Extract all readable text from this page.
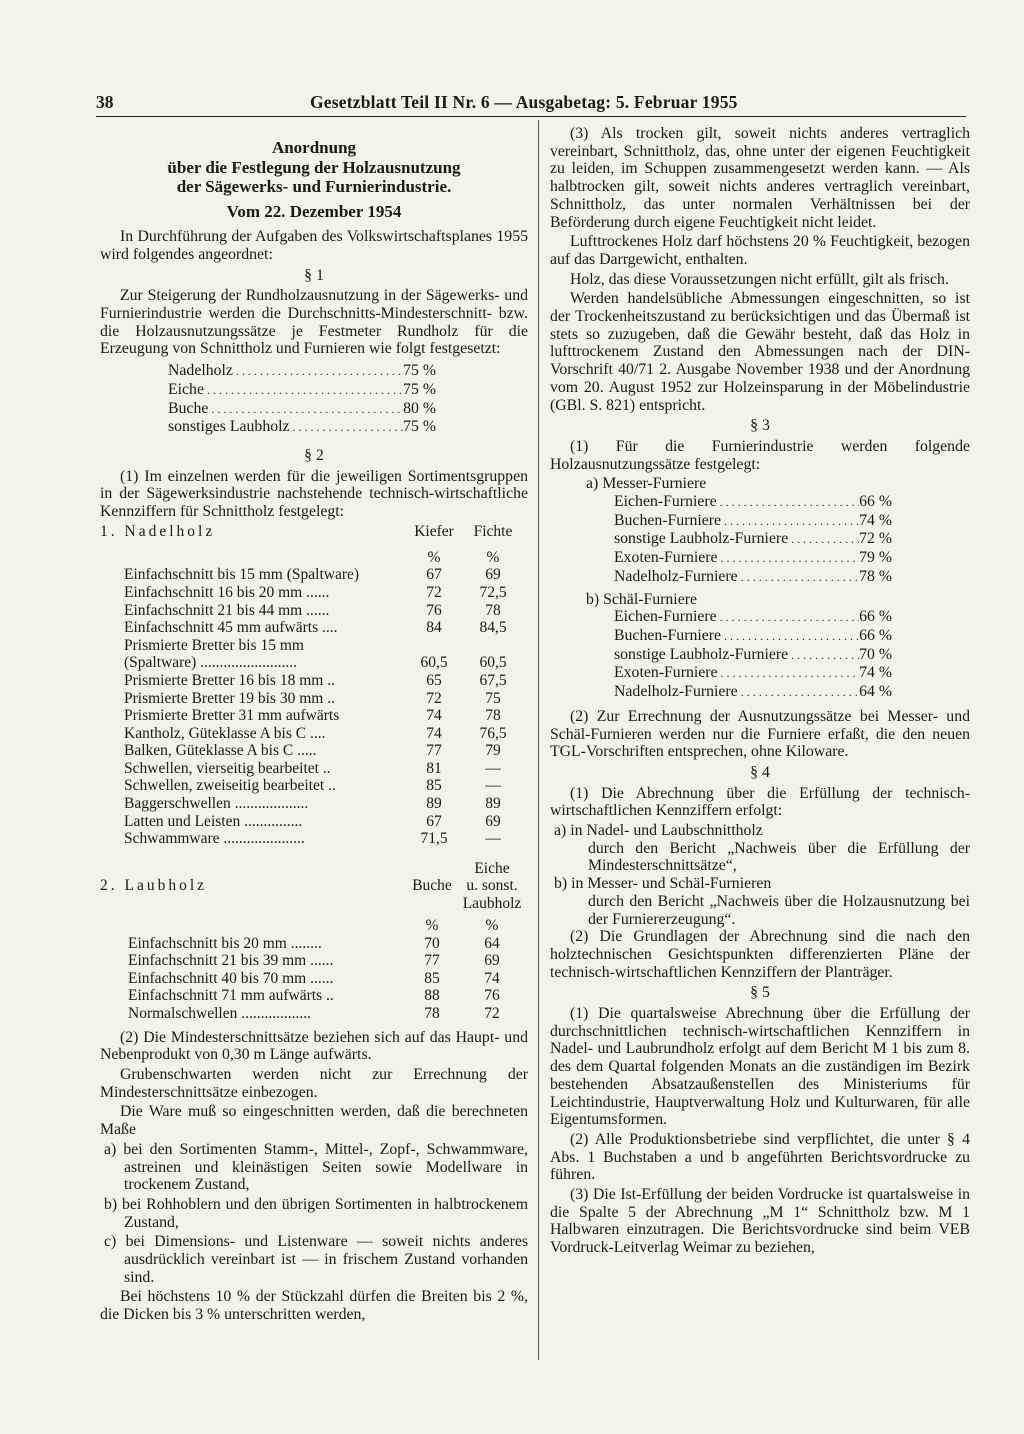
38	Gesetzblatt Teil II Nr. 6 — Ausgabetag: 5. Februar 1955
Anordnung
über die Festlegung der Holzausnutzung
der Sägewerks- und Furnierindustrie.
Vom 22. Dezember 1954

In Durchführung der Aufgaben des Volkswirtschaftsplanes 1955 wird folgendes angeordnet:

§ 1

Zur Steigerung der Rundholzausnutzung in der Sägewerks- und Furnierindustrie werden die Durchschnitts-Mindesterschnitt- bzw. die Holzausnutzungssätze je Festmeter Rundholz für die Erzeugung von Schnittholz und Furnieren wie folgt festgesetzt:

Nadelholz .....	75 %
Eiche .....	75 %
Buche .....	80 %
sonstiges Laubholz .....	75 %
§ 2

(1) Im einzelnen werden für die jeweiligen Sortimentsgruppen in der Sägewerksindustrie nachstehende technisch-wirtschaftliche Kennziffern für Schnittholz festgelegt:

1. Nadelholz	Kiefer	Fichte
	%	%
Einfachschnitt bis 15 mm (Spaltware)	67	69
Einfachschnitt 16 bis 20 mm ......	72	72,5
Einfachschnitt 21 bis 44 mm ......	76	78
Einfachschnitt 45 mm aufwärts ....	84	84,5
Prismierte Bretter bis 15 mm		
(Spaltware) .........................	60,5	60,5
Prismierte Bretter 16 bis 18 mm ..	65	67,5
Prismierte Bretter 19 bis 30 mm ..	72	75
Prismierte Bretter 31 mm aufwärts	74	78
Kantholz, Güteklasse A bis C ....	74	76,5
Balken, Güteklasse A bis C .....	77	79
Schwellen, vierseitig bearbeitet ..	81	—
Schwellen, zweiseitig bearbeitet ..	85	—
Baggerschwellen ...................	89	89
Latten und Leisten ...............	67	69
Schwammware .....................	71,5	—
2. Laubholz	Buche	Eiche
u. sonst.
Laubholz

	%	%
Einfachschnitt bis 20 mm ........	70	64
Einfachschnitt 21 bis 39 mm ......	77	69
Einfachschnitt 40 bis 70 mm ......	85	74
Einfachschnitt 71 mm aufwärts ..	88	76
Normalschwellen ..................	78	72

(2) Die Mindesterschnittsätze beziehen sich auf das Haupt- und Nebenprodukt von 0,30 m Länge aufwärts.

Grubenschwarten werden nicht zur Errechnung der Mindesterschnittsätze einbezogen.

Die Ware muß so eingeschnitten werden, daß die berechneten Maße

a) bei den Sortimenten Stamm-, Mittel-, Zopf-, Schwammware, astreinen und kleinästigen Seiten sowie Modellware in trockenem Zustand,

b) bei Rohhoblern und den übrigen Sortimenten in halbtrockenem Zustand,

c) bei Dimensions- und Listenware — soweit nichts anderes ausdrücklich vereinbart ist — in frischem Zustand vorhanden sind.

Bei höchstens 10 % der Stückzahl dürfen die Breiten bis 2 %, die Dicken bis 3 % unterschritten werden,

(3) Als trocken gilt, soweit nichts anderes vertraglich vereinbart, Schnittholz, das, ohne unter der eigenen Feuchtigkeit zu leiden, im Schuppen zusammengesetzt werden kann. — Als halbtrocken gilt, soweit nichts anderes vertraglich vereinbart, Schnittholz, das unter normalen Verhältnissen bei der Beförderung durch eigene Feuchtigkeit nicht leidet.

Lufttrockenes Holz darf höchstens 20 % Feuchtigkeit, bezogen auf das Darrgewicht, enthalten.

Holz, das diese Voraussetzungen nicht erfüllt, gilt als frisch.

Werden handelsübliche Abmessungen eingeschnitten, so ist der Trockenheitszustand zu berücksichtigen und das Übermaß ist stets so zuzugeben, daß die Gewähr besteht, daß das Holz in lufttrockenem Zustand den Abmessungen nach der DIN-Vorschrift 40/71 2. Ausgabe November 1938 und der Anordnung vom 20. August 1952 zur Holzeinsparung in der Möbelindustrie (GBl. S. 821) entspricht.

§ 3

(1) Für die Furnierindustrie werden folgende Holzausnutzungssätze festgelegt:

a) Messer-Furniere
Eichen-Furniere .....	66 %
Buchen-Furniere .....	74 %
sonstige Laubholz-Furniere .....	72 %
Exoten-Furniere .....	79 %
Nadelholz-Furniere .....	78 %
b) Schäl-Furniere
Eichen-Furniere .....	66 %
Buchen-Furniere .....	66 %
sonstige Laubholz-Furniere .....	70 %
Exoten-Furniere .....	74 %
Nadelholz-Furniere .....	64 %

(2) Zur Errechnung der Ausnutzungssätze bei Messer- und Schäl-Furnieren werden nur die Furniere erfaßt, die den neuen TGL-Vorschriften entsprechen, ohne Kiloware.

§ 4

(1) Die Abrechnung über die Erfüllung der technisch-wirtschaftlichen Kennziffern erfolgt:

a) in Nadel- und Laubschnittholz

durch den Bericht „Nachweis über die Erfüllung der Mindesterschnittsätze“,

b) in Messer- und Schäl-Furnieren

durch den Bericht „Nachweis über die Holzausnutzung bei der Furniererzeugung“.

(2) Die Grundlagen der Abrechnung sind die nach den holztechnischen Gesichtspunkten differenzierten Pläne der technisch-wirtschaftlichen Kennziffern der Planträger.

§ 5

(1) Die quartalsweise Abrechnung über die Erfüllung der durchschnittlichen technisch-wirtschaftlichen Kennziffern in Nadel- und Laubrundholz erfolgt auf dem Bericht M 1 bis zum 8. des dem Quartal folgenden Monats an die zuständigen im Bezirk bestehenden Absatzaußenstellen des Ministeriums für Leichtindustrie, Hauptverwaltung Holz und Kulturwaren, für alle Eigentumsformen.

(2) Alle Produktionsbetriebe sind verpflichtet, die unter § 4 Abs. 1 Buchstaben a und b angeführten Berichtsvordrucke zu führen.

(3) Die Ist-Erfüllung der beiden Vordrucke ist quartalsweise in die Spalte 5 der Abrechnung „M 1“ Schnittholz bzw. M 1 Halbwaren einzutragen. Die Berichtsvordrucke sind beim VEB Vordruck-Leitverlag Weimar zu beziehen,
